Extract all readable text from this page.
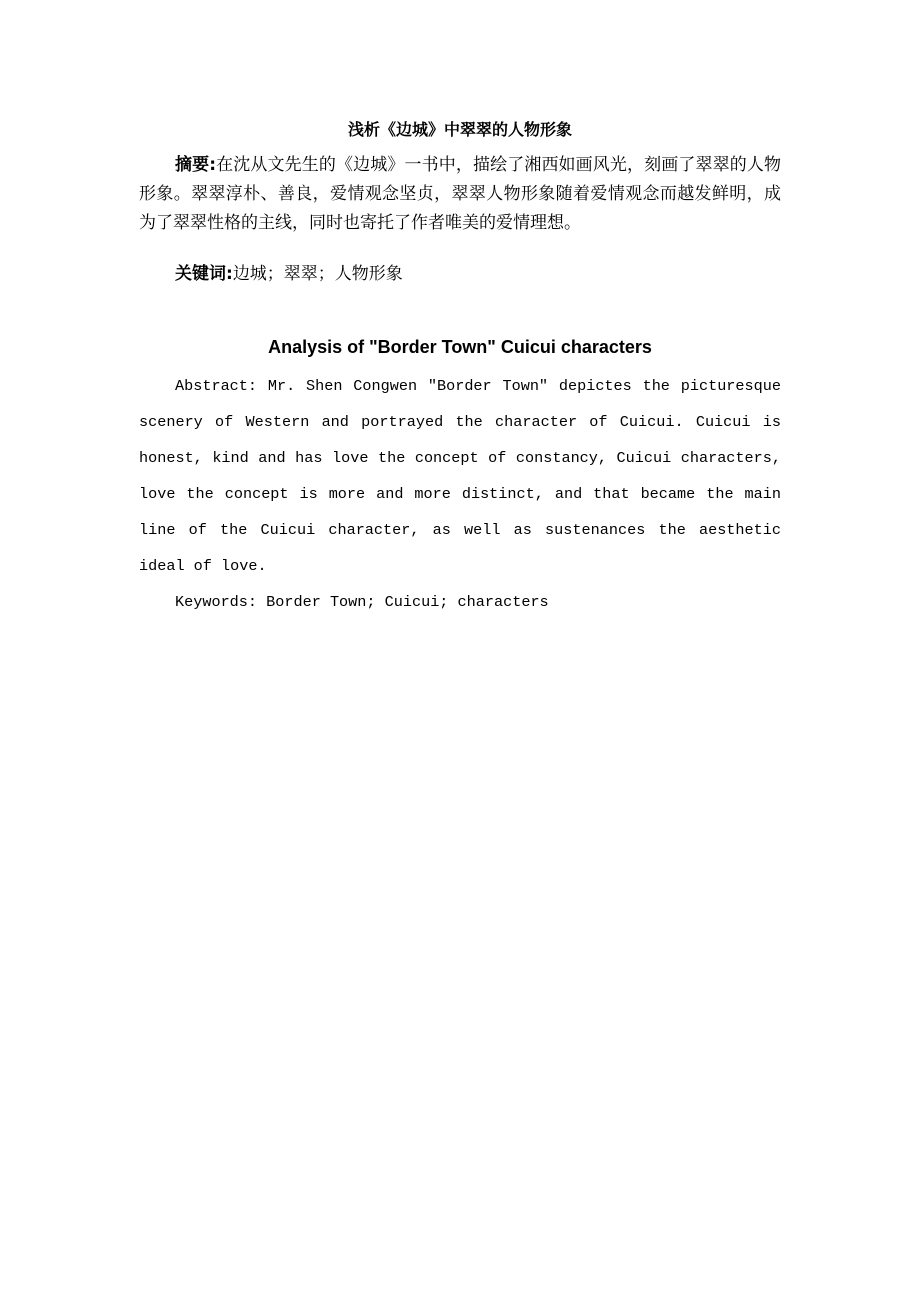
浅析《边城》中翠翠的人物形象

摘要:在沈从文先生的《边城》一书中，描绘了湘西如画风光，刻画了翠翠的人物形象。翠翠淳朴、善良，爱情观念坚贞，翠翠人物形象随着爱情观念而越发鲜明，成为了翠翠性格的主线，同时也寄托了作者唯美的爱情理想。

关键词:边城；翠翠；人物形象

Analysis of "Border Town" Cuicui characters

Abstract: Mr. Shen Congwen "Border Town" depictes the picturesque scenery of Western and portrayed the character of Cuicui. Cuicui is honest, kind and has love the concept of constancy, Cuicui characters, love the concept is more and more distinct, and that became the main line of the Cuicui character, as well as sustenances the aesthetic ideal of love.

Keywords: Border Town; Cuicui; characters
